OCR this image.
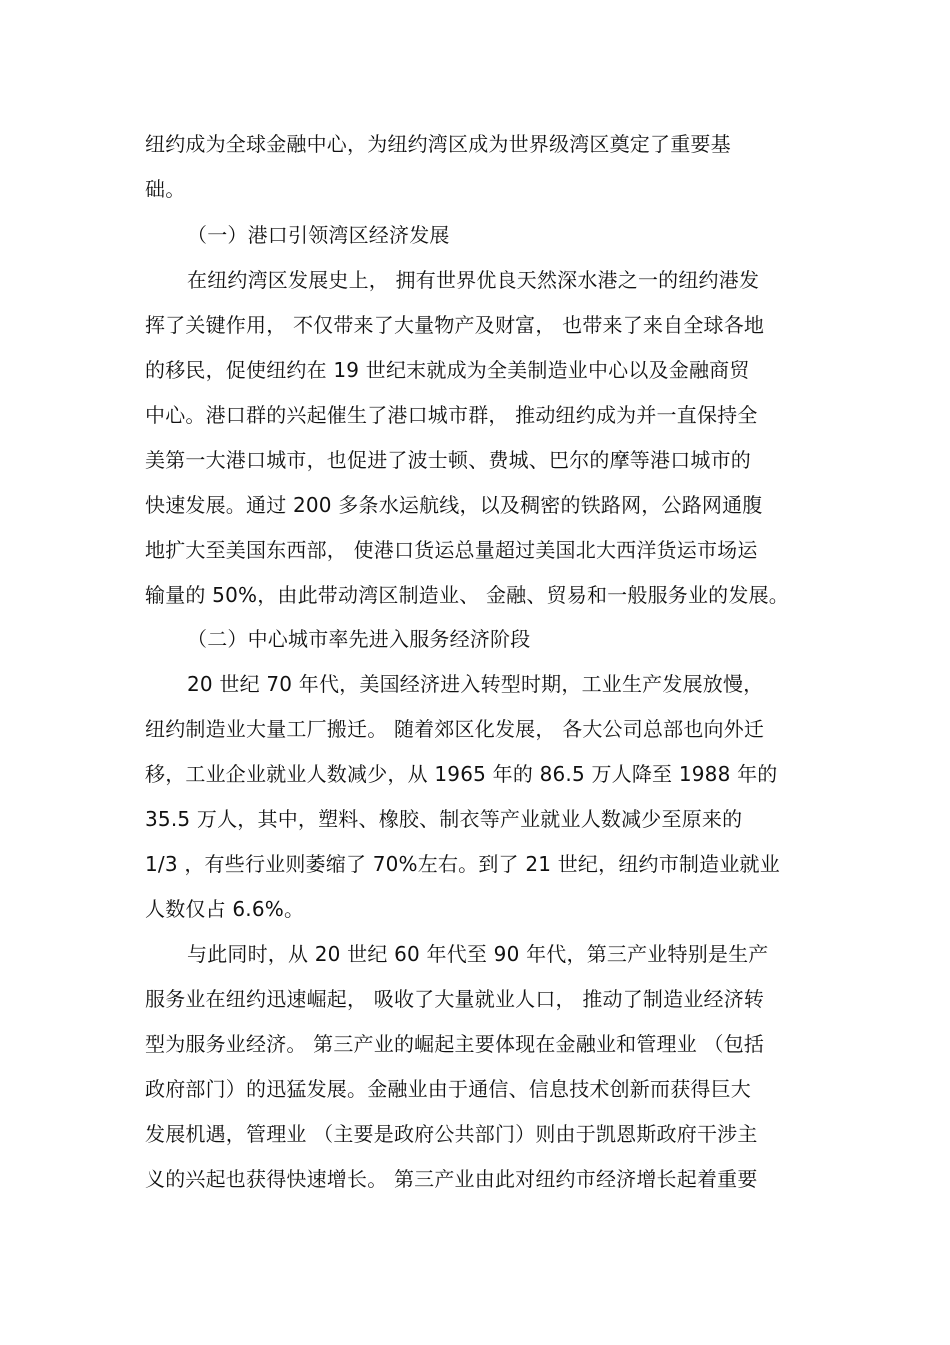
纽约成为全球金融中心，为纽约湾区成为世界级湾区奠定了重要基
础。
（一）港口引领湾区经济发展
在纽约湾区发展史上， 拥有世界优良天然深水港之一的纽约港发
挥了关键作用， 不仅带来了大量物产及财富， 也带来了来自全球各地
的移民，促使纽约在 19 世纪末就成为全美制造业中心以及金融商贸
中心。港口群的兴起催生了港口城市群， 推动纽约成为并一直保持全
美第一大港口城市，也促进了波士顿、费城、巴尔的摩等港口城市的
快速发展。通过 200 多条水运航线，以及稠密的铁路网，公路网通腹
地扩大至美国东西部， 使港口货运总量超过美国北大西洋货运市场运
输量的 50%，由此带动湾区制造业、 金融、贸易和一般服务业的发展。
（二）中心城市率先进入服务经济阶段
20 世纪 70 年代，美国经济进入转型时期，工业生产发展放慢，
纽约制造业大量工厂搬迁。 随着郊区化发展， 各大公司总部也向外迁
移，工业企业就业人数减少，从 1965 年的 86.5 万人降至 1988 年的
35.5 万人，其中，塑料、橡胶、制衣等产业就业人数减少至原来的
1/3 ，有些行业则萎缩了 70%左右。到了 21 世纪，纽约市制造业就业
人数仅占 6.6%。
与此同时，从 20 世纪 60 年代至 90 年代，第三产业特别是生产
服务业在纽约迅速崛起， 吸收了大量就业人口， 推动了制造业经济转
型为服务业经济。 第三产业的崛起主要体现在金融业和管理业 （包括
政府部门）的迅猛发展。金融业由于通信、信息技术创新而获得巨大
发展机遇，管理业 （主要是政府公共部门）则由于凯恩斯政府干涉主
义的兴起也获得快速增长。 第三产业由此对纽约市经济增长起着重要
